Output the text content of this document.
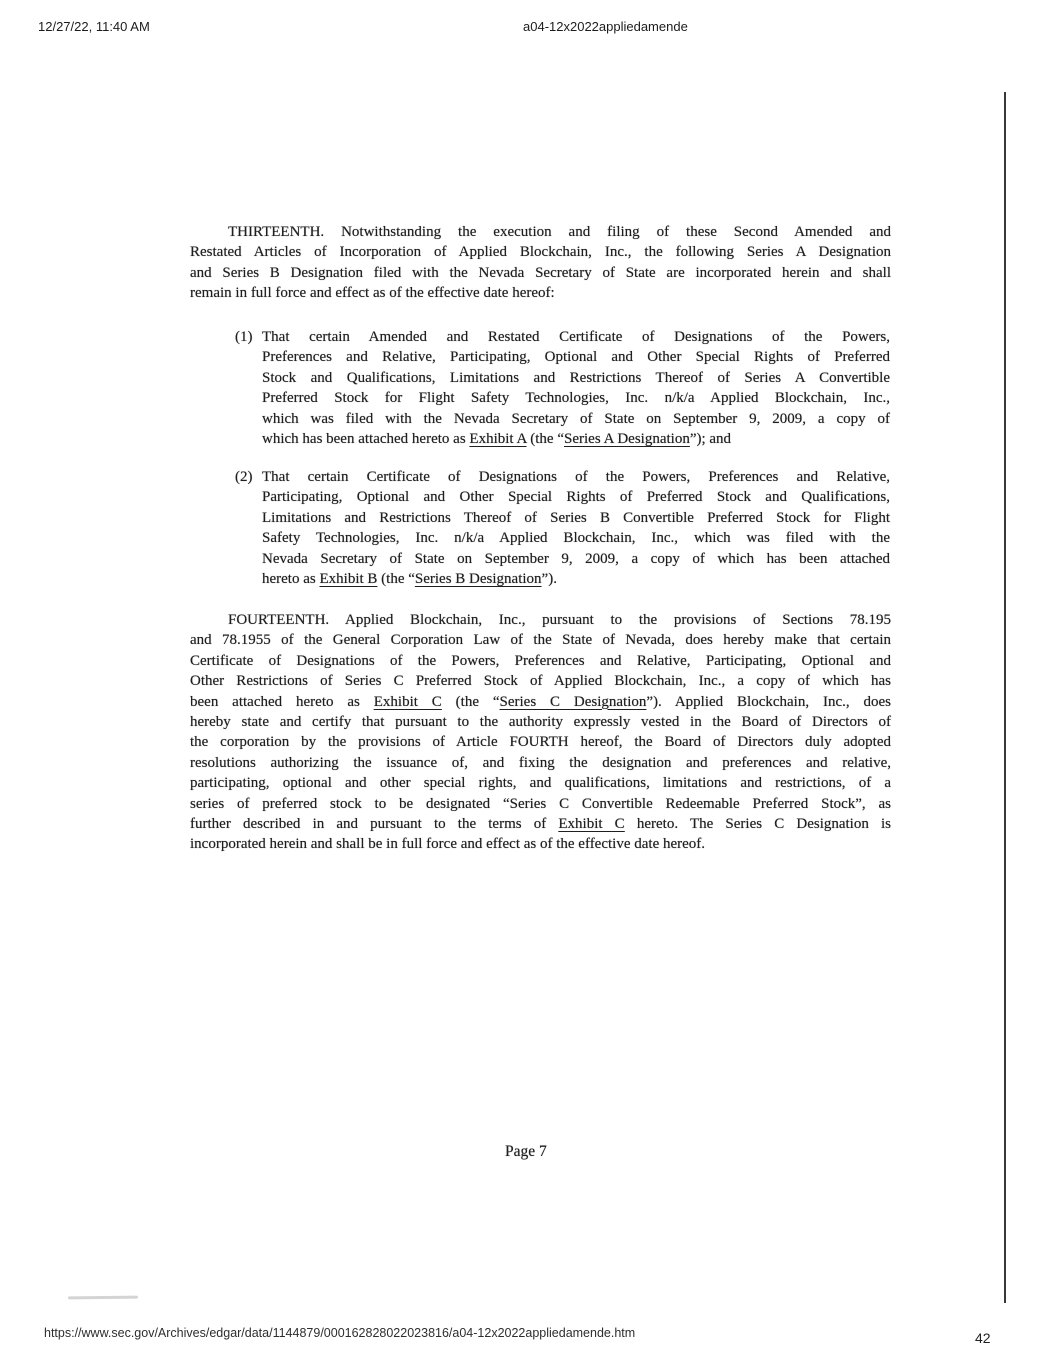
12/27/22, 11:40 AM	a04-12x2022appliedamende
THIRTEENTH. Notwithstanding the execution and filing of these Second Amended and
Restated Articles of Incorporation of Applied Blockchain, Inc., the following Series A Designation
and Series B Designation filed with the Nevada Secretary of State are incorporated herein and shall
remain in full force and effect as of the effective date hereof:
(1) That certain Amended and Restated Certificate of Designations of the Powers,
Preferences and Relative, Participating, Optional and Other Special Rights of Preferred
Stock and Qualifications, Limitations and Restrictions Thereof of Series A Convertible
Preferred Stock for Flight Safety Technologies, Inc. n/k/a Applied Blockchain, Inc.,
which was filed with the Nevada Secretary of State on September 9, 2009, a copy of
which has been attached hereto as Exhibit A (the “Series A Designation”); and
(2) That certain Certificate of Designations of the Powers, Preferences and Relative,
Participating, Optional and Other Special Rights of Preferred Stock and Qualifications,
Limitations and Restrictions Thereof of Series B Convertible Preferred Stock for Flight
Safety Technologies, Inc. n/k/a Applied Blockchain, Inc., which was filed with the
Nevada Secretary of State on September 9, 2009, a copy of which has been attached
hereto as Exhibit B (the “Series B Designation”).
FOURTEENTH. Applied Blockchain, Inc., pursuant to the provisions of Sections 78.195
and 78.1955 of the General Corporation Law of the State of Nevada, does hereby make that certain
Certificate of Designations of the Powers, Preferences and Relative, Participating, Optional and
Other Restrictions of Series C Preferred Stock of Applied Blockchain, Inc., a copy of which has
been attached hereto as Exhibit C (the “Series C Designation”). Applied Blockchain, Inc., does
hereby state and certify that pursuant to the authority expressly vested in the Board of Directors of
the corporation by the provisions of Article FOURTH hereof, the Board of Directors duly adopted
resolutions authorizing the issuance of, and fixing the designation and preferences and relative,
participating, optional and other special rights, and qualifications, limitations and restrictions, of a
series of preferred stock to be designated “Series C Convertible Redeemable Preferred Stock”, as
further described in and pursuant to the terms of Exhibit C hereto. The Series C Designation is
incorporated herein and shall be in full force and effect as of the effective date hereof.
Page 7
https://www.sec.gov/Archives/edgar/data/1144879/000162828022023816/a04-12x2022appliedamende.htm	42
